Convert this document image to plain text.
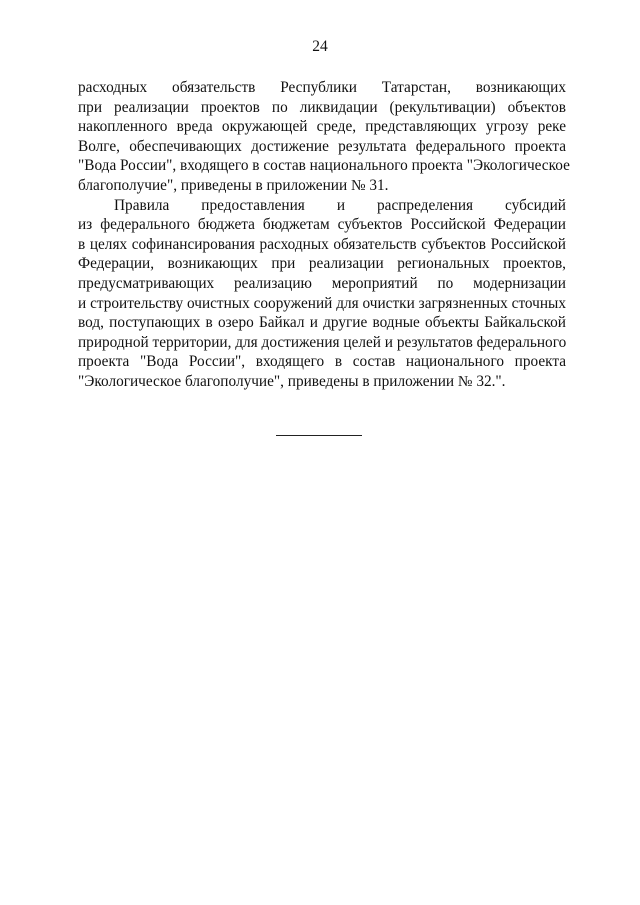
24
расходных обязательств Республики Татарстан, возникающих
при реализации проектов по ликвидации (рекультивации) объектов
накопленного вреда окружающей среде, представляющих угрозу реке
Волге, обеспечивающих достижение результата федерального проекта
"Вода России", входящего в состав национального проекта "Экологическое
благополучие", приведены в приложении № 31.
Правила предоставления и распределения субсидий
из федерального бюджета бюджетам субъектов Российской Федерации
в целях софинансирования расходных обязательств субъектов Российской
Федерации, возникающих при реализации региональных проектов,
предусматривающих реализацию мероприятий по модернизации
и строительству очистных сооружений для очистки загрязненных сточных
вод, поступающих в озеро Байкал и другие водные объекты Байкальской
природной территории, для достижения целей и результатов федерального
проекта "Вода России", входящего в состав национального проекта
"Экологическое благополучие", приведены в приложении № 32.".
